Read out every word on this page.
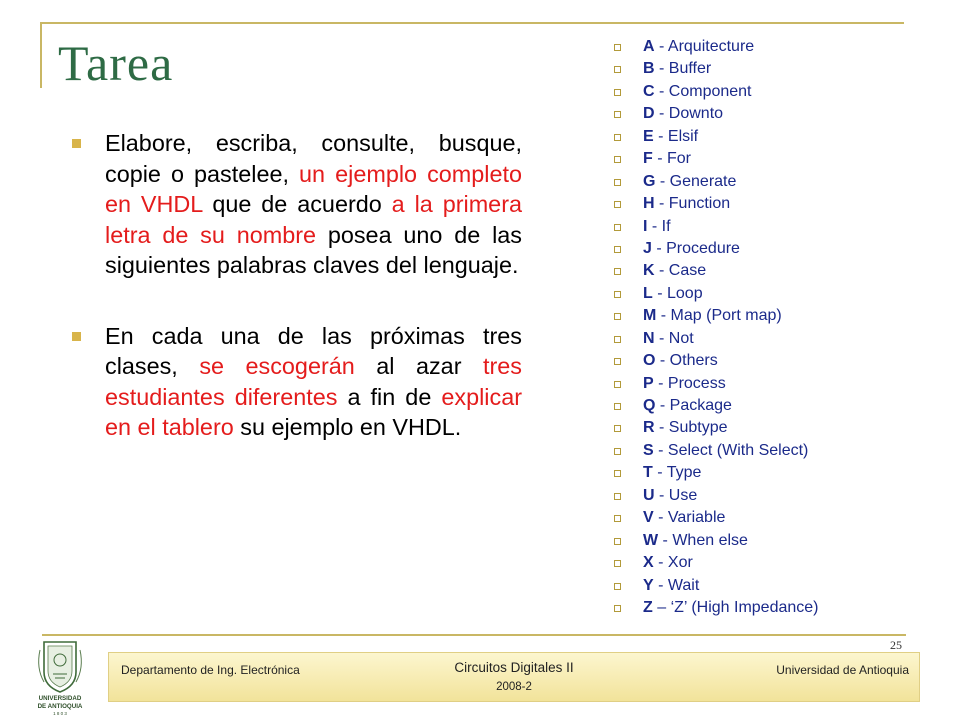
Tarea
Elabore, escriba, consulte, busque, copie o pastelee, un ejemplo completo en VHDL que de acuerdo a la primera letra de su nombre posea uno de las siguientes palabras claves del lenguaje.
En cada una de las próximas tres clases, se escogerán al azar tres estudiantes diferentes a fin de explicar en el tablero su ejemplo en VHDL.
A - Arquitecture
B - Buffer
C - Component
D - Downto
E - Elsif
F - For
G - Generate
H - Function
I - If
J - Procedure
K - Case
L - Loop
M - Map (Port map)
N - Not
O - Others
P - Process
Q - Package
R - Subtype
S - Select (With Select)
T - Type
U - Use
V - Variable
W - When else
X - Xor
Y - Wait
Z – ‘Z’ (High Impedance)
25
UNIVERSIDAD
DE ANTIOQUIA
1 8 0 3
Departamento de Ing. Electrónica	Circuitos Digitales II
2008-2
Universidad de Antioquia
